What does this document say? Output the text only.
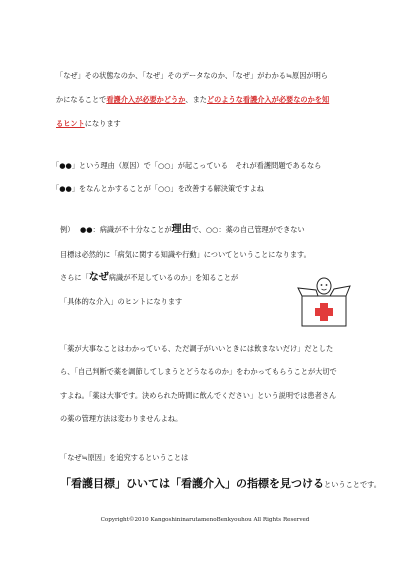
「なぜ」その状態なのか、「なぜ」そのデータなのか、「なぜ」がわかる≒原因が明ら
かになることで看護介入が必要かどうか、またどのような看護介入が必要なのかを知
るヒントになります
「●●」という理由（原因）で「○○」が起こっている　それが看護問題であるなら
「●●」をなんとかすることが「○○」を改善する解決策ですよね
例） ●●：病識が不十分なことが理由で、○○：薬の自己管理ができない
目標は必然的に「病気に関する知識や行動」についてということになります。
さらに「なぜ病識が不足しているのか」を知ることが
「具体的な介入」のヒントになります
「薬が大事なことはわかっている、ただ調子がいいときには飲まないだけ」だとした
ら、「自己判断で薬を調節してしまうとどうなるのか」をわかってもらうことが大切で
すよね。「薬は大事です。決められた時間に飲んでください」という説明では患者さん
の薬の管理方法は変わりませんよね。
「なぜ≒原因」を追究するということは
「看護目標」ひいては「看護介入」の指標を見つけるということです。
Copyright©2010 KangoshininarutamenoBenkyouhou All Rights Reserved
